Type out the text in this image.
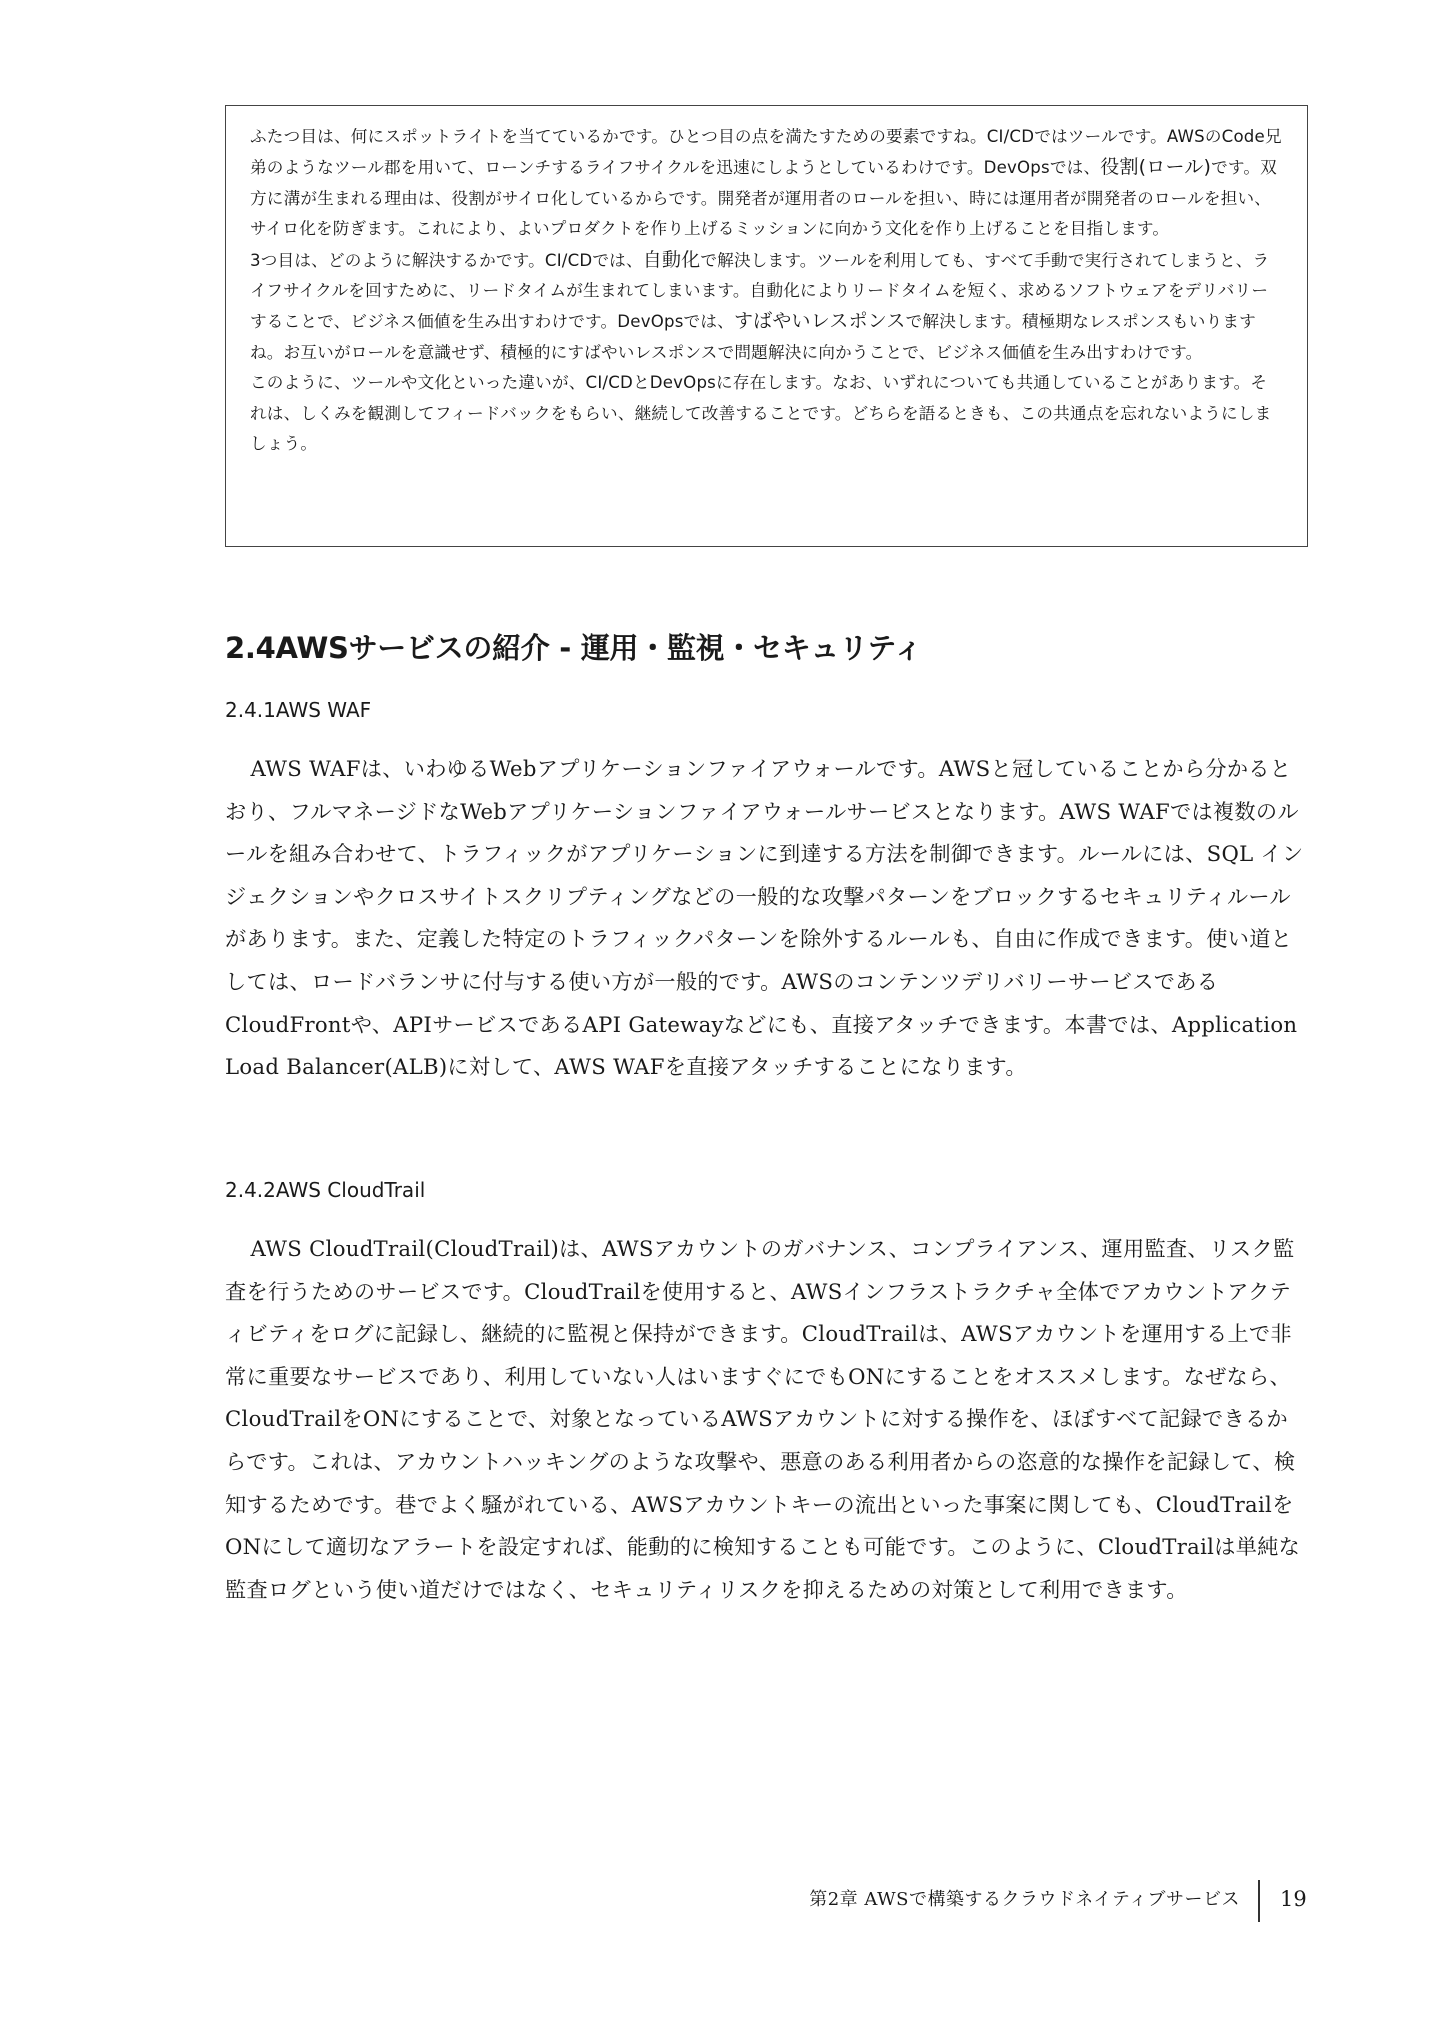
ふたつ目は、何にスポットライトを当てているかです。ひとつ目の点を満たすための要素ですね。CI/CDではツールです。AWSのCode兄弟のようなツール郡を用いて、ローンチするライフサイクルを迅速にしようとしているわけです。DevOpsでは、役割(ロール)です。双方に溝が生まれる理由は、役割がサイロ化しているからです。開発者が運用者のロールを担い、時には運用者が開発者のロールを担い、サイロ化を防ぎます。これにより、よいプロダクトを作り上げるミッションに向かう文化を作り上げることを目指します。

3つ目は、どのように解決するかです。CI/CDでは、自動化で解決します。ツールを利用しても、すべて手動で実行されてしまうと、ライフサイクルを回すために、リードタイムが生まれてしまいます。自動化によりリードタイムを短く、求めるソフトウェアをデリバリーすることで、ビジネス価値を生み出すわけです。DevOpsでは、すばやいレスポンスで解決します。積極期なレスポンスもいりますね。お互いがロールを意識せず、積極的にすばやいレスポンスで問題解決に向かうことで、ビジネス価値を生み出すわけです。

このように、ツールや文化といった違いが、CI/CDとDevOpsに存在します。なお、いずれについても共通していることがあります。それは、しくみを観測してフィードバックをもらい、継続して改善することです。どちらを語るときも、この共通点を忘れないようにしましょう。

2.4AWSサービスの紹介 - 運用・監視・セキュリティ
2.4.1AWS WAF

AWS WAFは、いわゆるWebアプリケーションファイアウォールです。AWSと冠していることから分かるとおり、フルマネージドなWebアプリケーションファイアウォールサービスとなります。AWS WAFでは複数のルールを組み合わせて、トラフィックがアプリケーションに到達する方法を制御できます。ルールには、SQL インジェクションやクロスサイトスクリプティングなどの一般的な攻撃パターンをブロックするセキュリティルールがあります。また、定義した特定のトラフィックパターンを除外するルールも、自由に作成できます。使い道としては、ロードバランサに付与する使い方が一般的です。AWSのコンテンツデリバリーサービスであるCloudFrontや、APIサービスであるAPI Gatewayなどにも、直接アタッチできます。本書では、Application Load Balancer(ALB)に対して、AWS WAFを直接アタッチすることになります。

2.4.2AWS CloudTrail

AWS CloudTrail(CloudTrail)は、AWSアカウントのガバナンス、コンプライアンス、運用監査、リスク監査を行うためのサービスです。CloudTrailを使用すると、AWSインフラストラクチャ全体でアカウントアクティビティをログに記録し、継続的に監視と保持ができます。CloudTrailは、AWSアカウントを運用する上で非常に重要なサービスであり、利用していない人はいますぐにでもONにすることをオススメします。なぜなら、CloudTrailをONにすることで、対象となっているAWSアカウントに対する操作を、ほぼすべて記録できるからです。これは、アカウントハッキングのような攻撃や、悪意のある利用者からの恣意的な操作を記録して、検知するためです。巷でよく騒がれている、AWSアカウントキーの流出といった事案に関しても、CloudTrailをONにして適切なアラートを設定すれば、能動的に検知することも可能です。このように、CloudTrailは単純な監査ログという使い道だけではなく、セキュリティリスクを抑えるための対策として利用できます。

第2章 AWSで構築するクラウドネイティブサービス 19
